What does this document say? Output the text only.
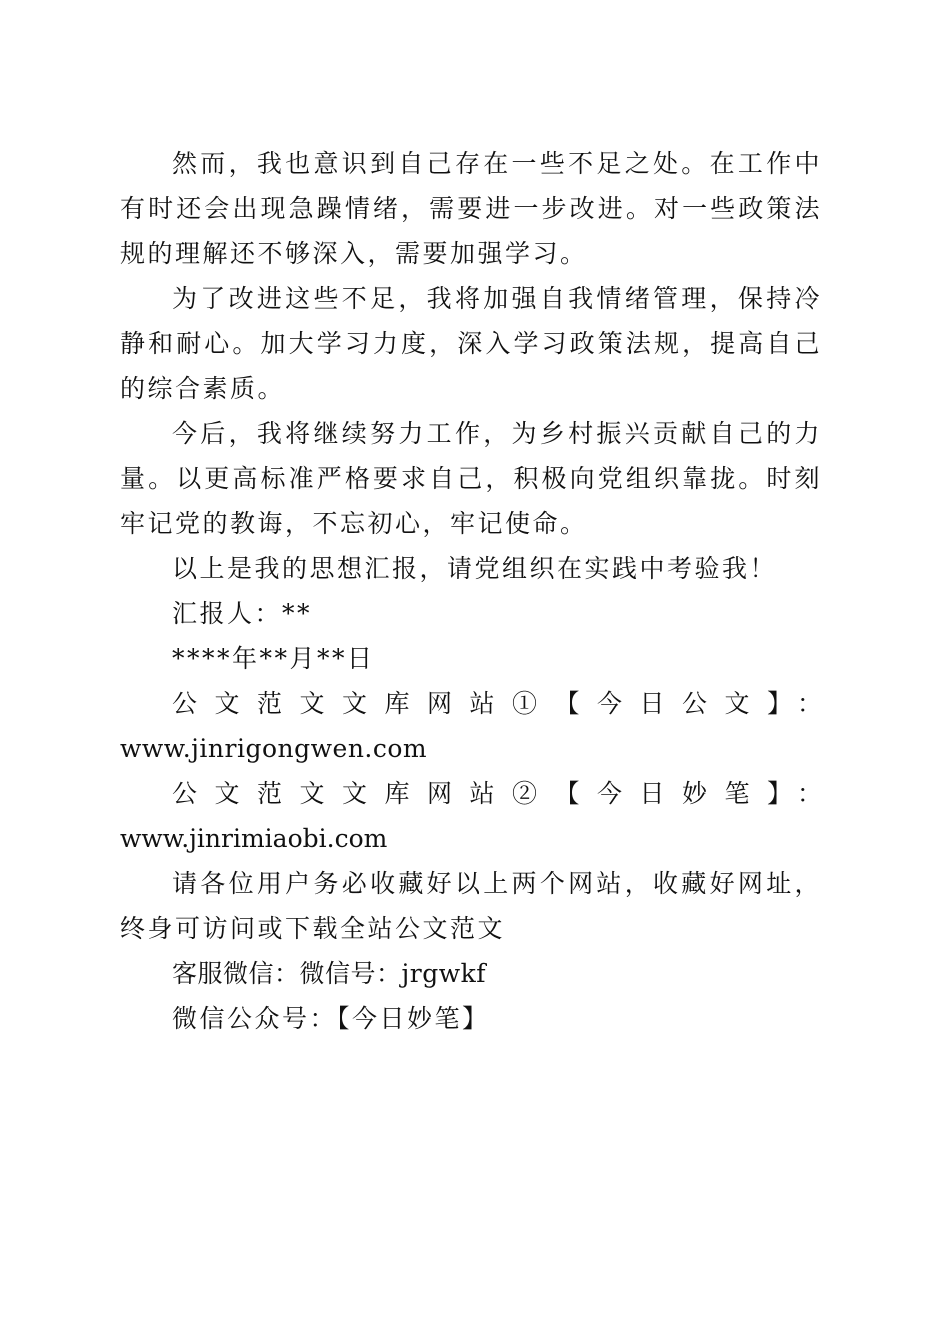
然而，我也意识到自己存在一些不足之处。在工作中有时还会出现急躁情绪，需要进一步改进。对一些政策法规的理解还不够深入，需要加强学习。

为了改进这些不足，我将加强自我情绪管理，保持冷静和耐心。加大学习力度，深入学习政策法规，提高自己的综合素质。

今后，我将继续努力工作，为乡村振兴贡献自己的力量。以更高标准严格要求自己，积极向党组织靠拢。时刻牢记党的教诲，不忘初心，牢记使命。

以上是我的思想汇报，请党组织在实践中考验我！

汇报人：**

****年**月**日

公文范文文库网站①【今日公文】：

www.jinrigongwen.com

公文范文文库网站②【今日妙笔】：www.jinrimiaobi.com

请各位用户务必收藏好以上两个网站，收藏好网址，终身可访问或下载全站公文范文

客服微信：微信号：jrgwkf

微信公众号：【今日妙笔】
